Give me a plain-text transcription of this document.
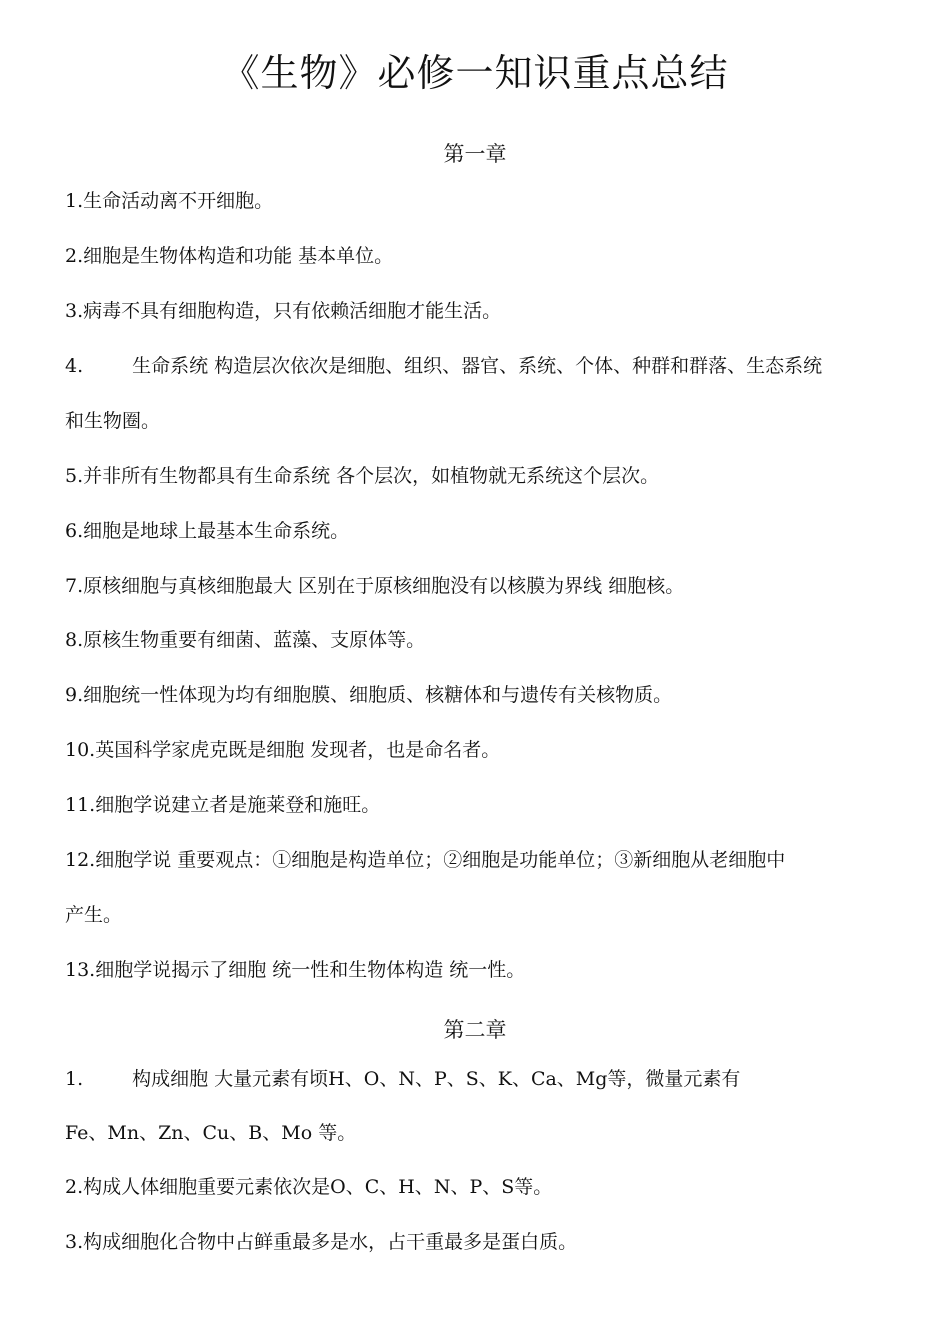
《生物》必修一知识重点总结
第一章
1.生命活动离不开细胞。
2.细胞是生物体构造和功能 基本单位。
3.病毒不具有细胞构造，只有依赖活细胞才能生活。
4.	生命系统 构造层次依次是细胞、组织、器官、系统、个体、种群和群落、生态系统
和生物圈。
5.并非所有生物都具有生命系统 各个层次，如植物就无系统这个层次。
6.细胞是地球上最基本生命系统。
7.原核细胞与真核细胞最大 区别在于原核细胞没有以核膜为界线 细胞核。
8.原核生物重要有细菌、蓝藻、支原体等。
9.细胞统一性体现为均有细胞膜、细胞质、核糖体和与遗传有关核物质。
10.英国科学家虎克既是细胞 发现者，也是命名者。
11.细胞学说建立者是施莱登和施旺。
12.细胞学说 重要观点：①细胞是构造单位；②细胞是功能单位；③新细胞从老细胞中
产生。
13.细胞学说揭示了细胞 统一性和生物体构造 统一性。
第二章
1.	构成细胞 大量元素有顷H、O、N、P、S、K、Ca、Mg等，微量元素有
Fe、Mn、Zn、Cu、B、Mo 等。
2.构成人体细胞重要元素依次是O、C、H、N、P、S等。
3.构成细胞化合物中占鲜重最多是水，占干重最多是蛋白质。
